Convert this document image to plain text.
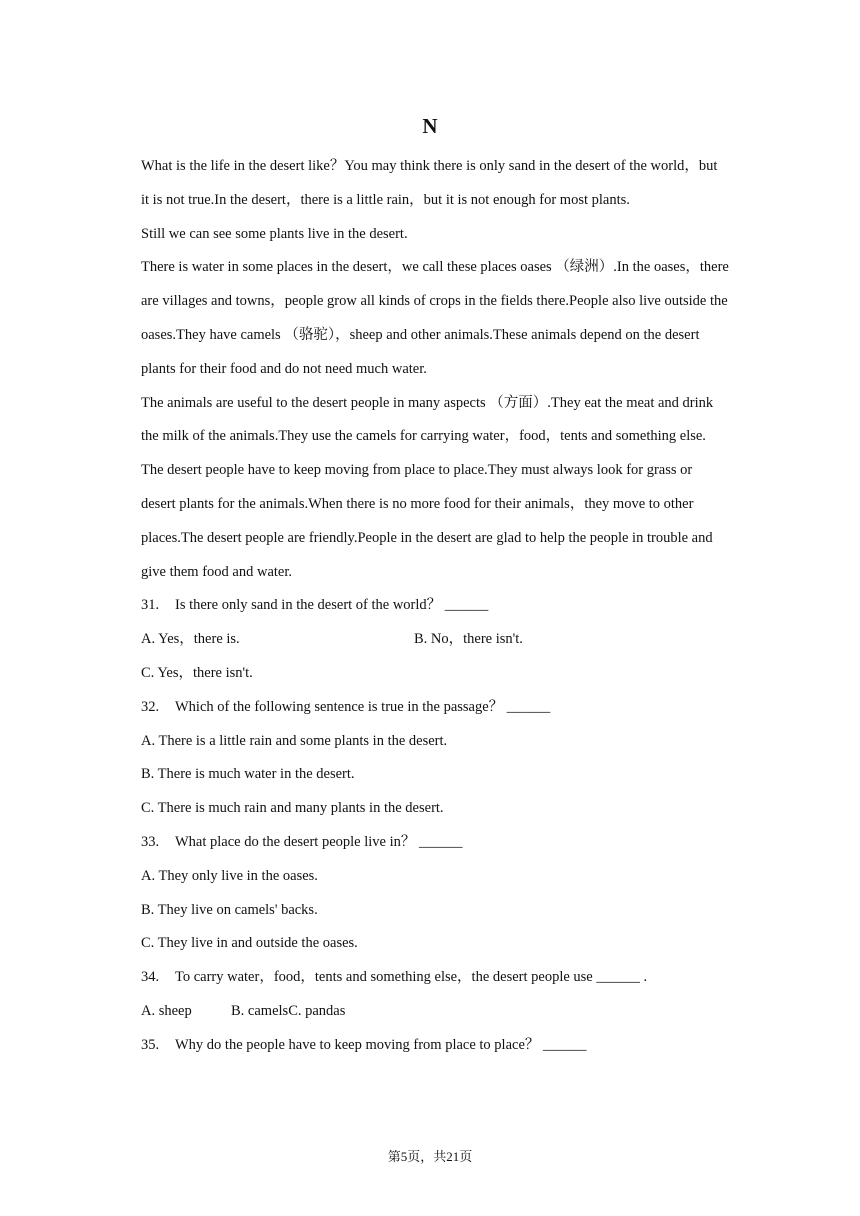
N

What is the life in the desert like？You may think there is only sand in the desert of the world，but

it is not true.In the desert，there is a little rain，but it is not enough for most plants.

Still we can see some plants live in the desert.

There is water in some places in the desert，we call these places oases （绿洲）.In the oases，there

are villages and towns，people grow all kinds of crops in the fields there.People also live outside the

oases.They have camels （骆驼），sheep and other animals.These animals depend on the desert

plants for their food and do not need much water.

The animals are useful to the desert people in many aspects （方面）.They eat the meat and drink

the milk of the animals.They use the camels for carrying water，food，tents and something else.

The desert people have to keep moving from place to place.They must always look for grass or

desert plants for the animals.When there is no more food for their animals，they move to other

places.The desert people are friendly.People in the desert are glad to help the people in trouble and

give them food and water.

31. Is there only sand in the desert of the world？ ______

A. Yes，there is.	B. No，there isn't.

C. Yes，there isn't.

32. Which of the following sentence is true in the passage？ ______

A. There is a little rain and some plants in the desert.

B. There is much water in the desert.

C. There is much rain and many plants in the desert.

33. What place do the desert people live in？ ______

A. They only live in the oases.

B. They live on camels' backs.

C. They live in and outside the oases.

34. To carry water，food，tents and something else，the desert people use ______ .

A. sheep	B. camels C. pandas

35. Why do the people have to keep moving from place to place？ ______

第5页，共21页
